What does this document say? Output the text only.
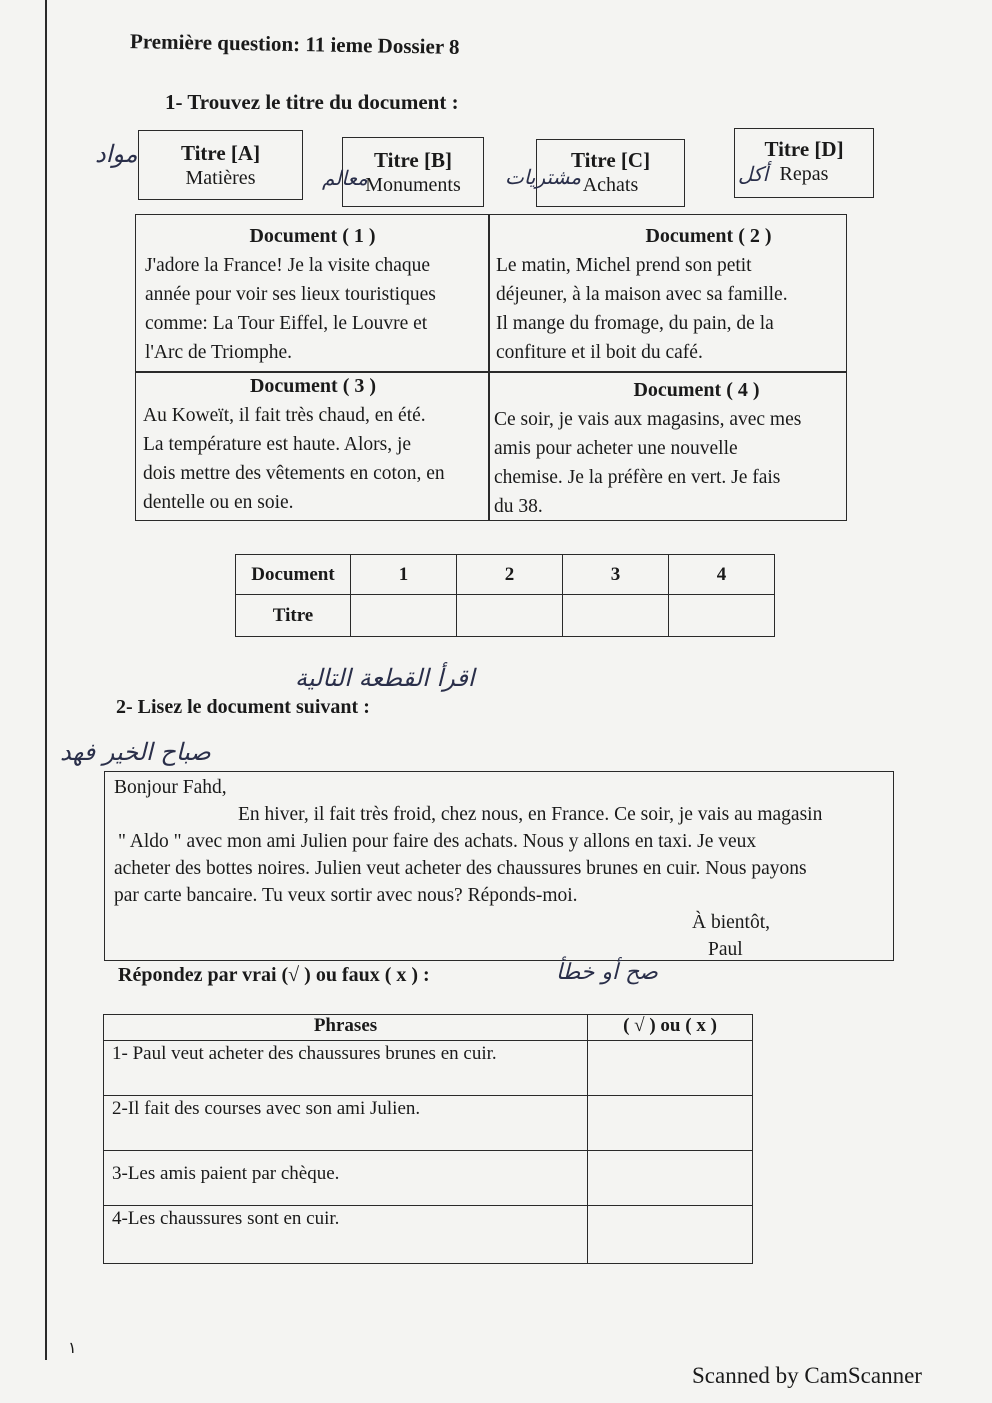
Première question: 11 ieme Dossier 8
1- Trouvez le titre du document :
Titre [A]
Matières
مواد	Titre [B]
Monuments
معالم
Titre [C]
Achats
مشتريات
Titre [D]
Repas
أكل
Document ( 1 )
J'adore la France! Je la visite chaque
année pour voir ses lieux touristiques
comme: La Tour Eiffel, le Louvre et
l'Arc de Triomphe.
Document ( 2 )
Le matin, Michel prend son petit
déjeuner, à la maison avec sa famille.
Il mange du fromage, du pain, de la
confiture et il boit du café.
Document ( 3 )
Au Koweït, il fait très chaud, en été.
La température est haute. Alors, je
dois mettre des vêtements en coton, en
dentelle ou en soie.
Document ( 4 )
Ce soir, je vais aux magasins, avec mes
amis pour acheter une nouvelle
chemise. Je la préfère en vert. Je fais
du 38.
Document	1	2	3	4
Titre				
اقرأ القطعة التالية
2- Lisez le document suivant :
صباح الخير فهد
Bonjour Fahd,
En hiver, il fait très froid, chez nous, en France. Ce soir, je vais au magasin
" Aldo " avec mon ami Julien pour faire des achats. Nous y allons en taxi. Je veux
acheter des bottes noires. Julien veut acheter des chaussures brunes en cuir. Nous payons
par carte bancaire. Tu veux sortir avec nous? Réponds-moi.
À bientôt,
Paul
Répondez par vrai (√ ) ou faux ( x ) :	صح أو خطأ
Phrases	( √ ) ou ( x )
1- Paul veut acheter des chaussures brunes en cuir.	
2-Il fait des courses avec son ami Julien.	
3-Les amis paient par chèque.	
4-Les chaussures sont en cuir.	
١
Scanned by CamScanner
